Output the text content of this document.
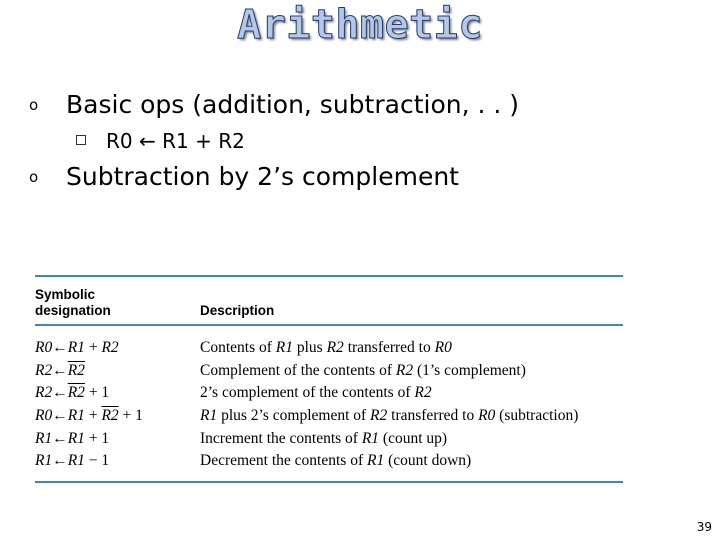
Arithmetic
o Basic ops (addition, subtraction, . . )
R0 ← R1 + R2
o Subtraction by 2’s complement
Symbolic designation	Description
R0←R1 + R2	Contents of R1 plus R2 transferred to R0
R2←R2	Complement of the contents of R2 (1’s complement)
R2←R2 + 1	2’s complement of the contents of R2
R0←R1 + R2 + 1	R1 plus 2’s complement of R2 transferred to R0 (subtraction)
R1←R1 + 1	Increment the contents of R1 (count up)
R1←R1 − 1	Decrement the contents of R1 (count down)
39
